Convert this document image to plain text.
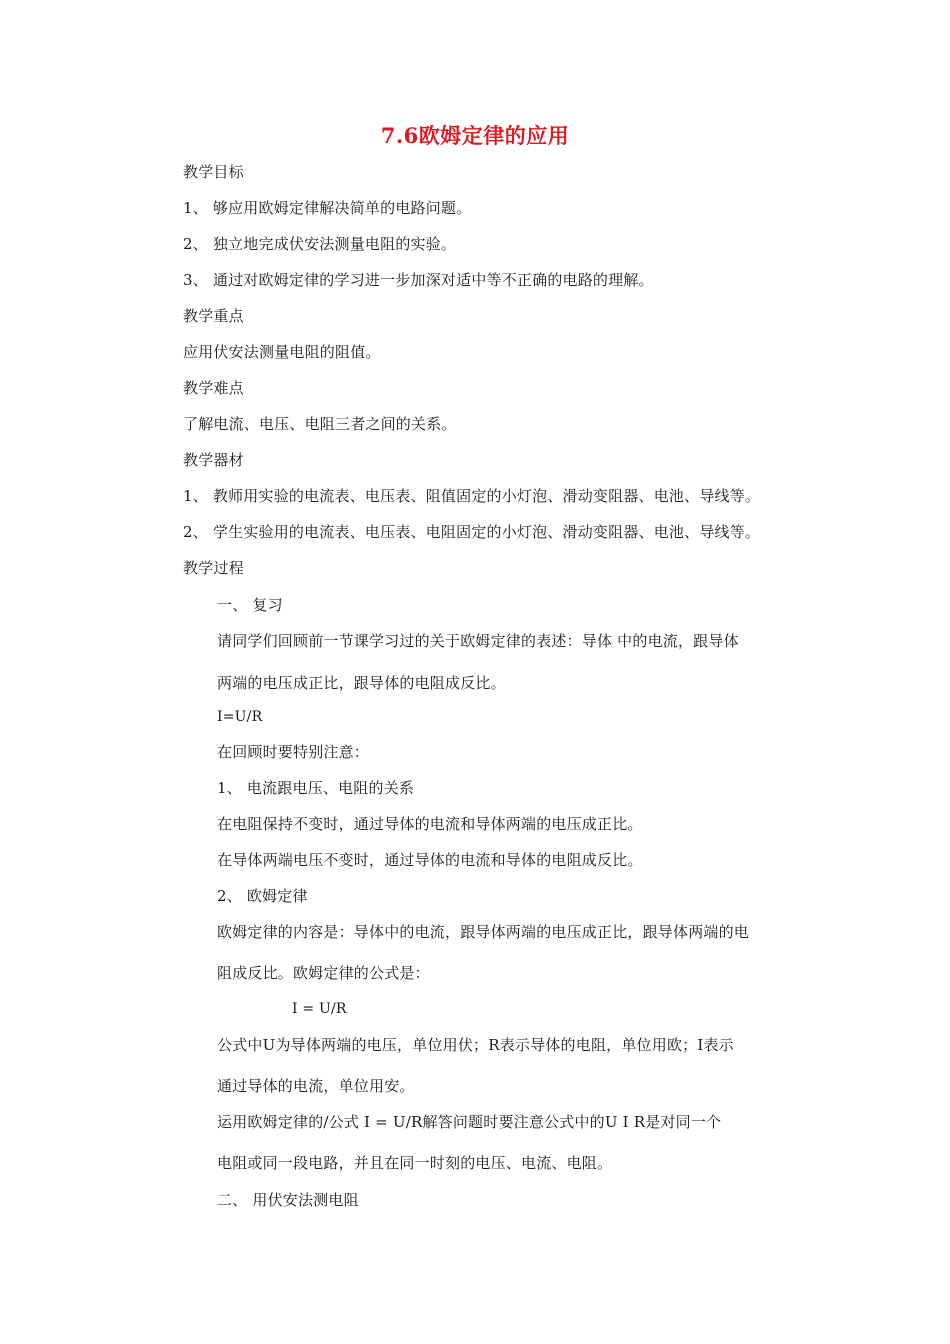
7.6欧姆定律的应用
教学目标
1、 够应用欧姆定律解决简单的电路问题。
2、 独立地完成伏安法测量电阻的实验。
3、 通过对欧姆定律的学习进一步加深对适中等不正确的电路的理解。
教学重点
应用伏安法测量电阻的阻值。
教学难点
了解电流、电压、电阻三者之间的关系。
教学器材
1、 教师用实验的电流表、电压表、阻值固定的小灯泡、滑动变阻器、电池、导线等。
2、 学生实验用的电流表、电压表、电阻固定的小灯泡、滑动变阻器、电池、导线等。
教学过程
一、 复习
请同学们回顾前一节课学习过的关于欧姆定律的表述：导体 中的电流，跟导体
两端的电压成正比，跟导体的电阻成反比。
I=U/R
在回顾时要特别注意：
1、 电流跟电压、电阻的关系
在电阻保持不变时，通过导体的电流和导体两端的电压成正比。
在导体两端电压不变时，通过导体的电流和导体的电阻成反比。
2、 欧姆定律
欧姆定律的内容是：导体中的电流，跟导体两端的电压成正比，跟导体两端的电
阻成反比。欧姆定律的公式是：
I = U/R
公式中U为导体两端的电压，单位用伏；R表示导体的电阻，单位用欧；I表示
通过导体的电流，单位用安。
运用欧姆定律的/公式 I = U/R解答问题时要注意公式中的U I R是对同一个
电阻或同一段电路，并且在同一时刻的电压、电流、电阻。
二、 用伏安法测电阻
